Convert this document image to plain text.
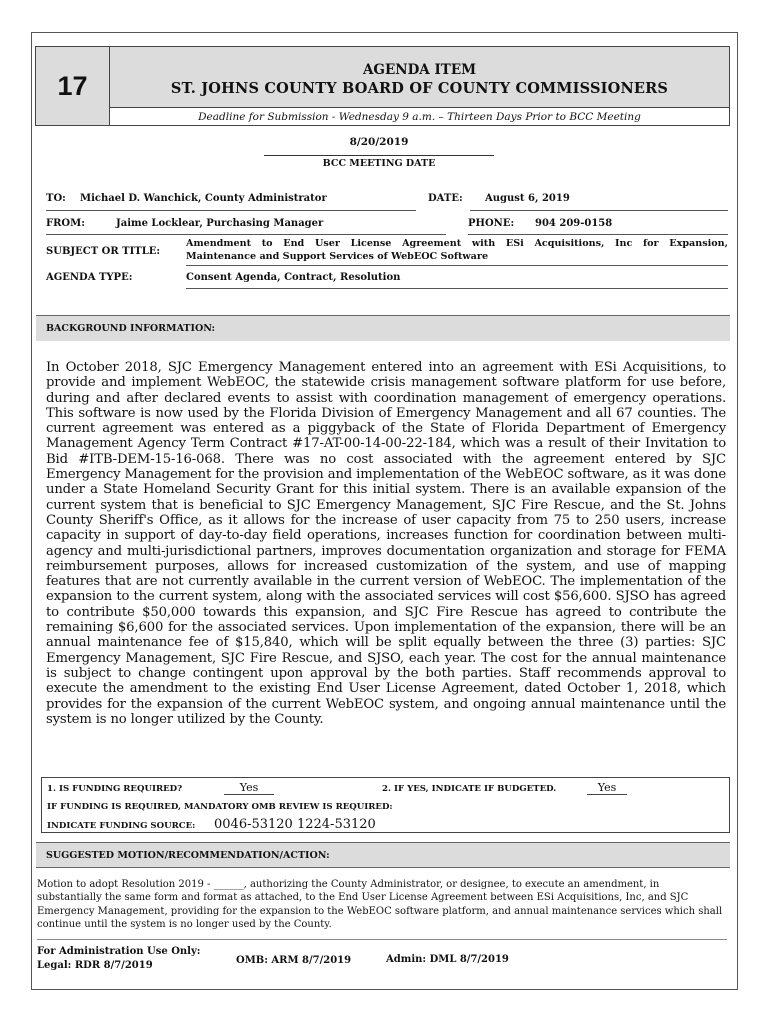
17
AGENDA ITEM
ST. JOHNS COUNTY BOARD OF COUNTY COMMISSIONERS
Deadline for Submission - Wednesday 9 a.m. – Thirteen Days Prior to BCC Meeting
8/20/2019
BCC MEETING DATE
TO: Michael D. Wanchick, County Administrator	DATE: August 6, 2019
FROM:	Jaime Locklear, Purchasing Manager	PHONE: 904 209-0158
SUBJECT OR TITLE:
Amendment to End User License Agreement with ESi Acquisitions, Inc for Expansion,
Maintenance and Support Services of WebEOC Software
AGENDA TYPE:	Consent Agenda, Contract, Resolution
BACKGROUND INFORMATION:
In October 2018, SJC Emergency Management entered into an agreement with ESi Acquisitions, to provide and implement WebEOC, the statewide crisis management software platform for use before, during and after declared events to assist with coordination management of emergency operations. This software is now used by the Florida Division of Emergency Management and all 67 counties. The current agreement was entered as a piggyback of the State of Florida Department of Emergency Management Agency Term Contract #17-AT-00-14-00-22-184, which was a result of their Invitation to Bid #ITB-DEM-15-16-068. There was no cost associated with the agreement entered by SJC Emergency Management for the provision and implementation of the WebEOC software, as it was done under a State Homeland Security Grant for this initial system. There is an available expansion of the current system that is beneficial to SJC Emergency Management, SJC Fire Rescue, and the St. Johns County Sheriff's Office, as it allows for the increase of user capacity from 75 to 250 users, increase capacity in support of day-to-day field operations, increases function for coordination between multi-agency and multi-jurisdictional partners, improves documentation organization and storage for FEMA reimbursement purposes, allows for increased customization of the system, and use of mapping features that are not currently available in the current version of WebEOC. The implementation of the expansion to the current system, along with the associated services will cost $56,600. SJSO has agreed to contribute $50,000 towards this expansion, and SJC Fire Rescue has agreed to contribute the remaining $6,600 for the associated services. Upon implementation of the expansion, there will be an annual maintenance fee of $15,840, which will be split equally between the three (3) parties: SJC Emergency Management, SJC Fire Rescue, and SJSO, each year. The cost for the annual maintenance is subject to change contingent upon approval by the both parties. Staff recommends approval to execute the amendment to the existing End User License Agreement, dated October 1, 2018, which provides for the expansion of the current WebEOC system, and ongoing annual maintenance until the system is no longer utilized by the County.
1. IS FUNDING REQUIRED?	Yes	2. IF YES, INDICATE IF BUDGETED.	Yes
IF FUNDING IS REQUIRED, MANDATORY OMB REVIEW IS REQUIRED:
INDICATE FUNDING SOURCE: 0046-53120 1224-53120
SUGGESTED MOTION/RECOMMENDATION/ACTION:
Motion to adopt Resolution 2019 - ______, authorizing the County Administrator, or designee, to execute an amendment, in substantially the same form and format as attached, to the End User License Agreement between ESi Acquisitions, Inc, and SJC Emergency Management, providing for the expansion to the WebEOC software platform, and annual maintenance services which shall continue until the system is no longer used by the County.
For Administration Use Only:
Legal: RDR 8/7/2019	OMB: ARM 8/7/2019	Admin: DML 8/7/2019
